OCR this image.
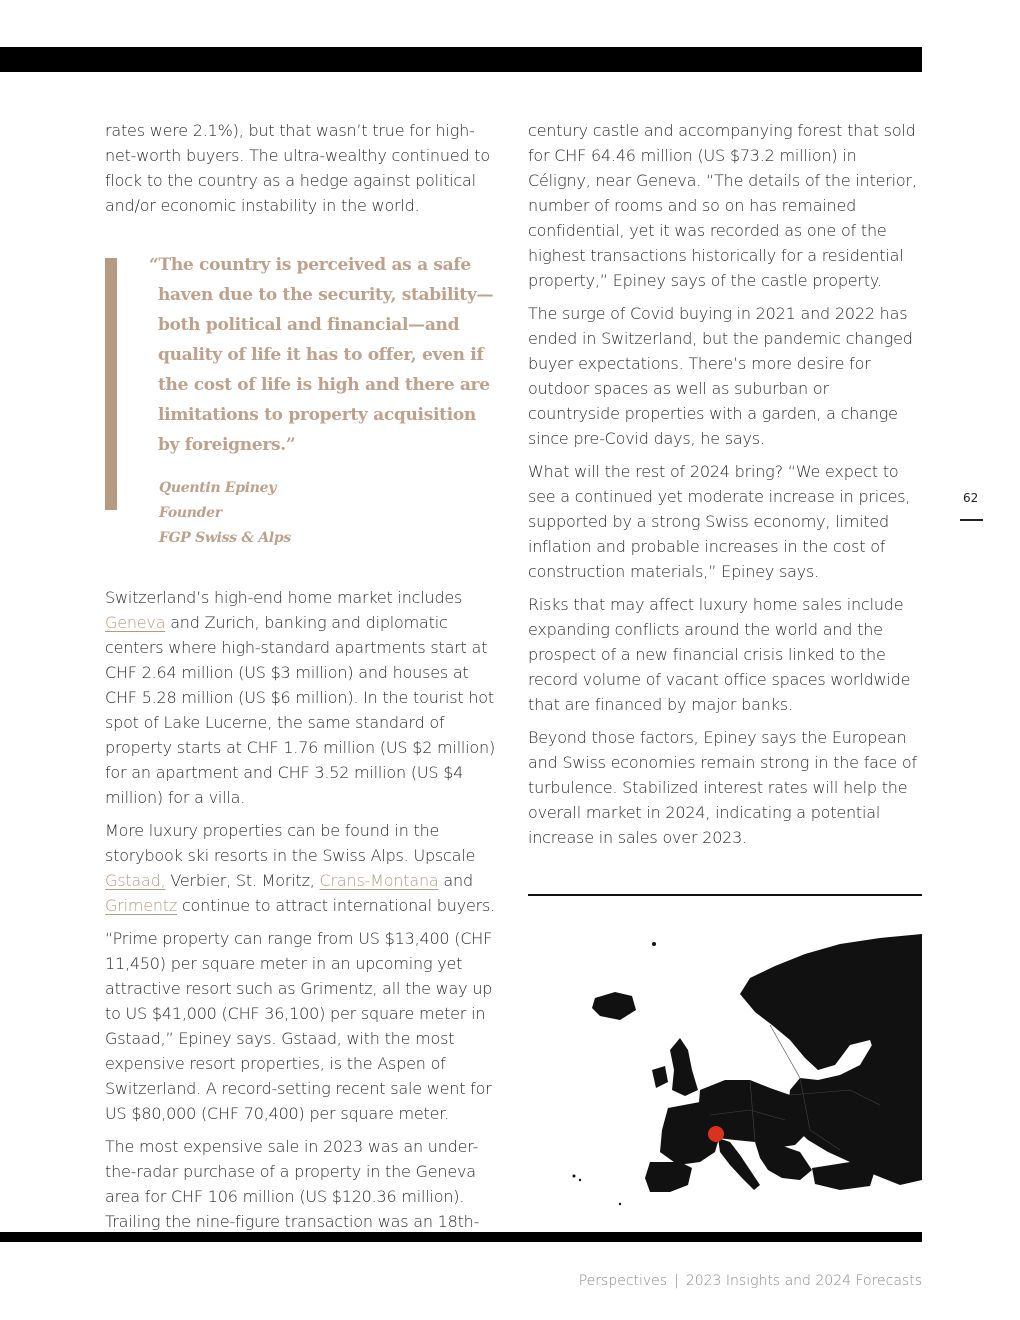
rates were 2.1%), but that wasn’t true for high-net-worth buyers. The ultra-wealthy continued to flock to the country as a hedge against political and/or economic instability in the world.

“The country is perceived as a safe haven due to the security, stability—both political and financial—and quality of life it has to offer, even if the cost of life is high and there are limitations to property acquisition by foreigners.”

Quentin Epiney
Founder
FGP Swiss & Alps

Switzerland’s high-end home market includes Geneva and Zurich, banking and diplomatic centers where high-standard apartments start at CHF 2.64 million (US $3 million) and houses at CHF 5.28 million (US $6 million). In the tourist hot spot of Lake Lucerne, the same standard of property starts at CHF 1.76 million (US $2 million) for an apartment and CHF 3.52 million (US $4 million) for a villa.

More luxury properties can be found in the storybook ski resorts in the Swiss Alps. Upscale Gstaad, Verbier, St. Moritz, Crans-Montana and Grimentz continue to attract international buyers.

“Prime property can range from US $13,400 (CHF 11,450) per square meter in an upcoming yet attractive resort such as Grimentz, all the way up to US $41,000 (CHF 36,100) per square meter in Gstaad,” Epiney says. Gstaad, with the most expensive resort properties, is the Aspen of Switzerland. A record-setting recent sale went for US $80,000 (CHF 70,400) per square meter.

The most expensive sale in 2023 was an under-the-radar purchase of a property in the Geneva area for CHF 106 million (US $120.36 million). Trailing the nine-figure transaction was an 18th-

century castle and accompanying forest that sold for CHF 64.46 million (US $73.2 million) in Céligny, near Geneva. “The details of the interior, number of rooms and so on has remained confidential, yet it was recorded as one of the highest transactions historically for a residential property,” Epiney says of the castle property.

The surge of Covid buying in 2021 and 2022 has ended in Switzerland, but the pandemic changed buyer expectations. There’s more desire for outdoor spaces as well as suburban or countryside properties with a garden, a change since pre-Covid days, he says.

What will the rest of 2024 bring? “We expect to see a continued yet moderate increase in prices, supported by a strong Swiss economy, limited inflation and probable increases in the cost of construction materials,” Epiney says.

Risks that may affect luxury home sales include expanding conflicts around the world and the prospect of a new financial crisis linked to the record volume of vacant office spaces worldwide that are financed by major banks.

Beyond those factors, Epiney says the European and Swiss economies remain strong in the face of turbulence. Stabilized interest rates will help the overall market in 2024, indicating a potential increase in sales over 2023.

62
Perspectives | 2023 Insights and 2024 Forecasts
